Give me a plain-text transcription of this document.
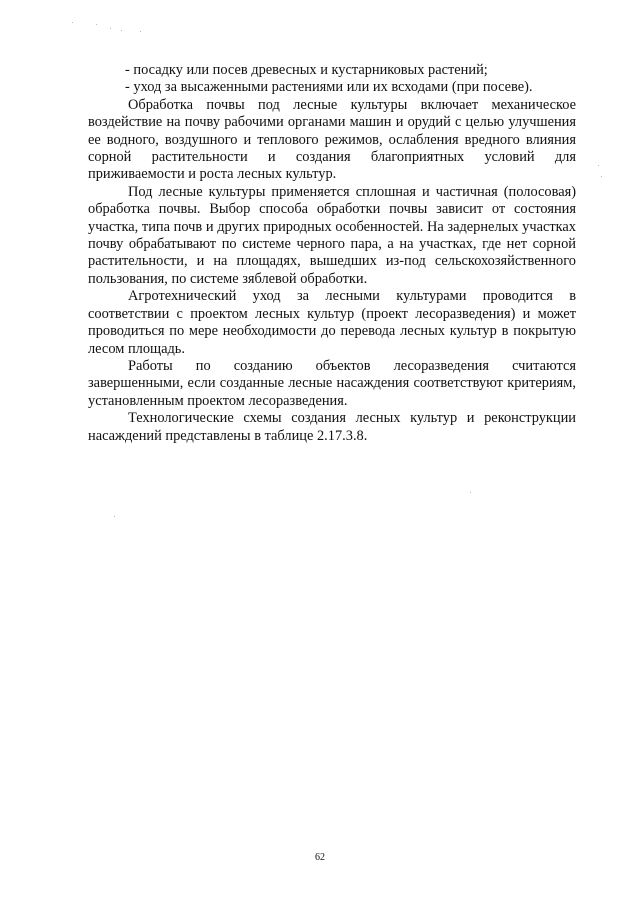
- посадку или посев древесных и кустарниковых растений;

- уход за высаженными растениями или их всходами (при посеве).

Обработка почвы под лесные культуры включает механическое воздействие на почву рабочими органами машин и орудий с целью улучшения ее водного, воздушного и теплового режимов, ослабления вредного влияния сорной растительности и создания благоприятных условий для приживаемости и роста лесных культур.

Под лесные культуры применяется сплошная и частичная (полосовая) обработка почвы. Выбор способа обработки почвы зависит от состояния участка, типа почв и других природных особенностей. На задернелых участках почву обрабатывают по системе черного пара, а на участках, где нет сорной растительности, и на площадях, вышедших из-под сельскохозяйственного пользования, по системе зяблевой обработки.

Агротехнический уход за лесными культурами проводится в соответствии с проектом лесных культур (проект лесоразведения) и может проводиться по мере необходимости до перевода лесных культур в покрытую лесом площадь.

Работы по созданию объектов лесоразведения считаются завершенными, если созданные лесные насаждения соответствуют критериям, установленным проектом лесоразведения.

Технологические схемы создания лесных культур и реконструкции насаждений представлены в таблице 2.17.3.8.

62
